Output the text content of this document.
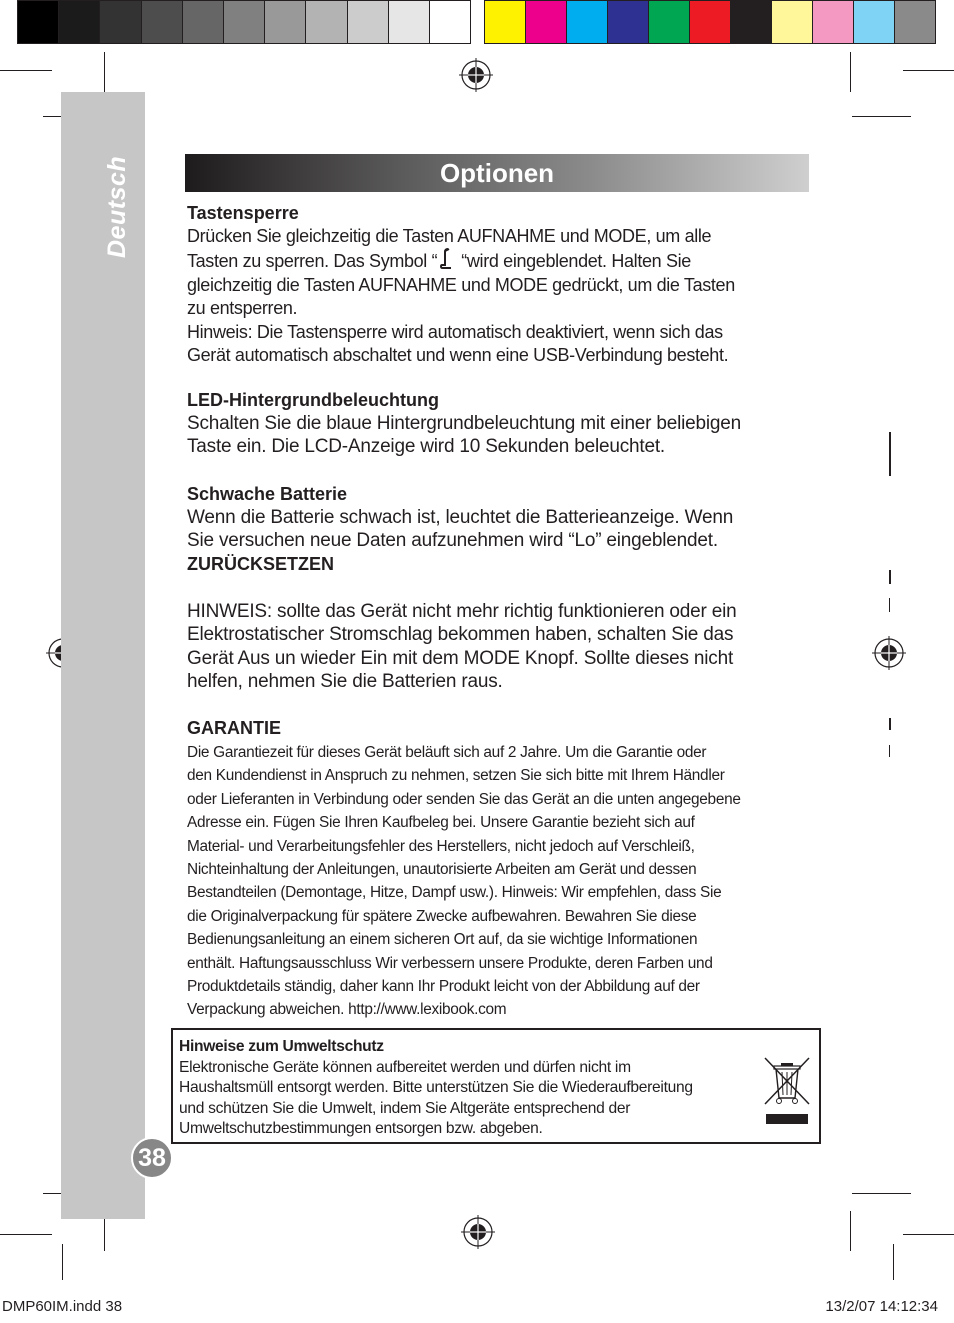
Deutsch	Optionen

Tastensperre

Drücken Sie gleichzeitig die Tasten AUFNAHME und MODE, um alle

Tasten zu sperren. Das Symbol “ “wird eingeblendet. Halten Sie

gleichzeitig die Tasten AUFNAHME und MODE gedrückt, um die Tasten

zu entsperren.

Hinweis: Die Tastensperre wird automatisch deaktiviert, wenn sich das

Gerät automatisch abschaltet und wenn eine USB-Verbindung besteht.

LED-Hintergrundbeleuchtung

Schalten Sie die blaue Hintergrundbeleuchtung mit einer beliebigen

Taste ein. Die LCD-Anzeige wird 10 Sekunden beleuchtet.

Schwache Batterie

Wenn die Batterie schwach ist, leuchtet die Batterieanzeige. Wenn

Sie versuchen neue Daten aufzunehmen wird “Lo” eingeblendet.

ZURÜCKSETZEN

HINWEIS: sollte das Gerät nicht mehr richtig funktionieren oder ein

Elektrostatischer Stromschlag bekommen haben, schalten Sie das

Gerät Aus un wieder Ein mit dem MODE Knopf. Sollte dieses nicht

helfen, nehmen Sie die Batterien raus.

GARANTIE

Die Garantiezeit für dieses Gerät beläuft sich auf 2 Jahre. Um die Garantie oder

den Kundendienst in Anspruch zu nehmen, setzen Sie sich bitte mit Ihrem Händler

oder Lieferanten in Verbindung oder senden Sie das Gerät an die unten angegebene

Adresse ein. Fügen Sie Ihren Kaufbeleg bei. Unsere Garantie bezieht sich auf

Material- und Verarbeitungsfehler des Herstellers, nicht jedoch auf Verschleiß,

Nichteinhaltung der Anleitungen, unautorisierte Arbeiten am Gerät und dessen

Bestandteilen (Demontage, Hitze, Dampf usw.). Hinweis: Wir empfehlen, dass Sie

die Originalverpackung für spätere Zwecke aufbewahren. Bewahren Sie diese

Bedienungsanleitung an einem sicheren Ort auf, da sie wichtige Informationen

enthält. Haftungsausschluss Wir verbessern unsere Produkte, deren Farben und

Produktdetails ständig, daher kann Ihr Produkt leicht von der Abbildung auf der

Verpackung abweichen. http://www.lexibook.com

Hinweise zum Umweltschutz
Elektronische Geräte können aufbereitet werden und dürfen nicht im
Haushaltsmüll entsorgt werden. Bitte unterstützen Sie die Wiederaufbereitung
und schützen Sie die Umwelt, indem Sie Altgeräte entsprechend der
Umweltschutzbestimmungen entsorgen bzw. abgeben.
38
DMP60IM.indd 38	13/2/07 14:12:34
